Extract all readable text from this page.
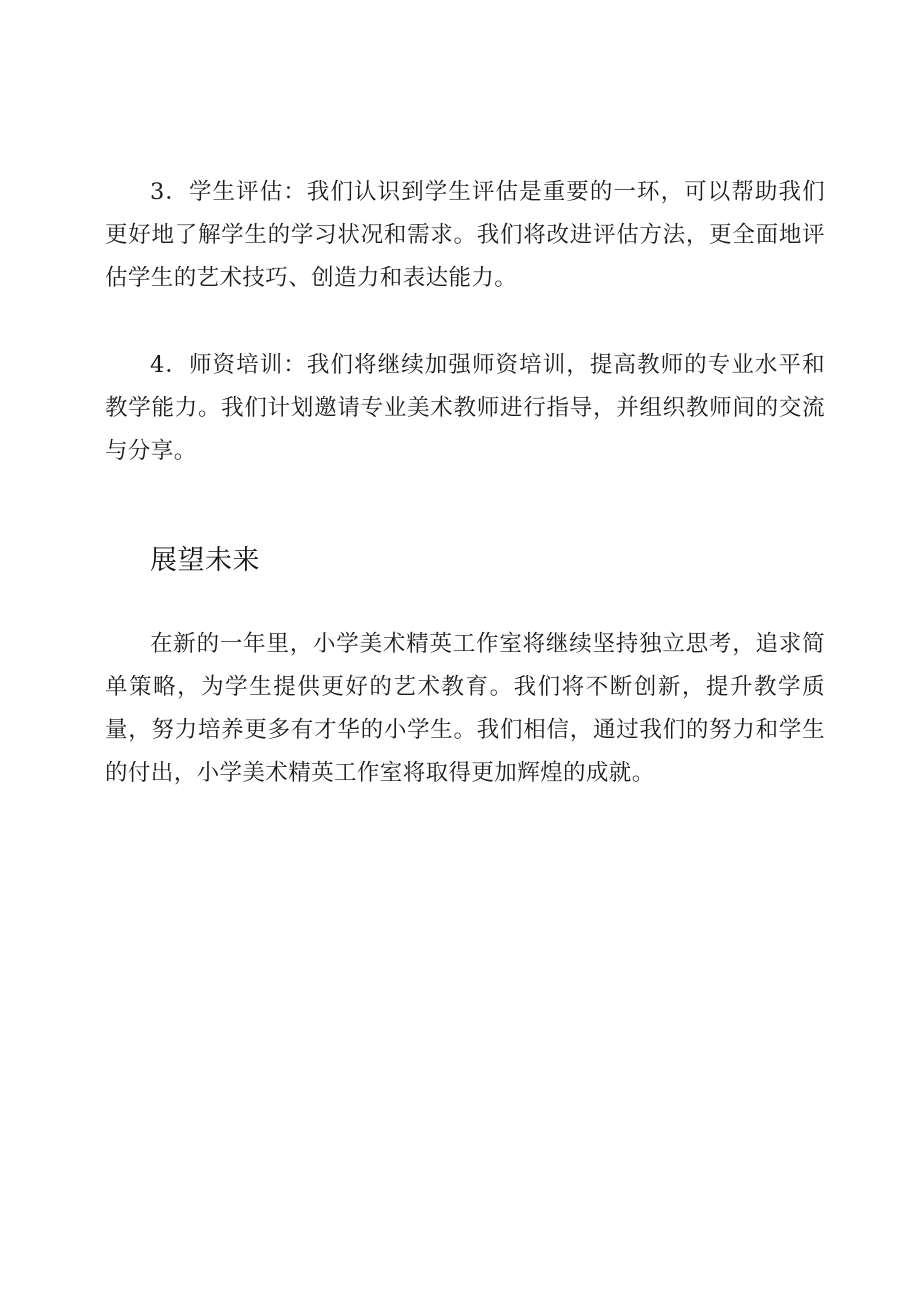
3．学生评估：我们认识到学生评估是重要的一环，可以帮助我们更好地了解学生的学习状况和需求。我们将改进评估方法，更全面地评估学生的艺术技巧、创造力和表达能力。

4．师资培训：我们将继续加强师资培训，提高教师的专业水平和教学能力。我们计划邀请专业美术教师进行指导，并组织教师间的交流与分享。

展望未来

在新的一年里，小学美术精英工作室将继续坚持独立思考，追求简单策略，为学生提供更好的艺术教育。我们将不断创新，提升教学质量，努力培养更多有才华的小学生。我们相信，通过我们的努力和学生的付出，小学美术精英工作室将取得更加辉煌的成就。
